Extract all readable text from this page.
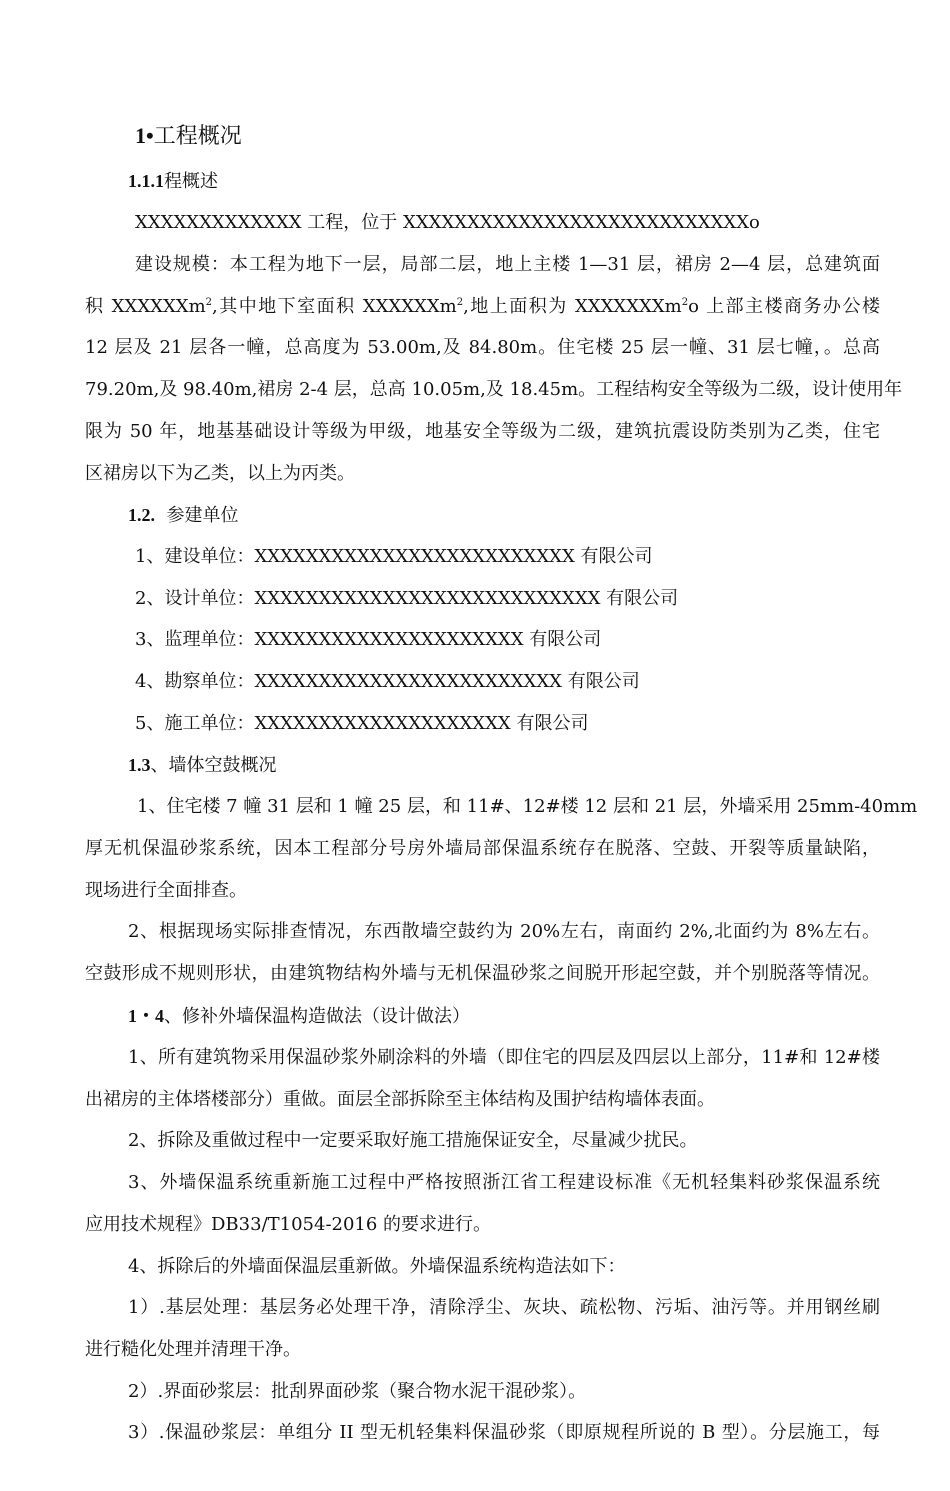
1•工程概况
1.1.1程概述
XXXXXXXXXXXXX 工程，位于 XXXXXXXXXXXXXXXXXXXXXXXXXXXo
建设规模：本工程为地下一层，局部二层，地上主楼 1—31 层，裙房 2—4 层，总建筑面
积 XXXXXXm$^2$,其中地下室面积 XXXXXXm$^2$,地上面积为 XXXXXXXm$^2$o 上部主楼商务办公楼
12 层及 21 层各一幢，总高度为 53.00m,及 84.80m。住宅楼 25 层一幢、31 层七幢，。总高
79.20m,及 98.40m,裙房 2-4 层，总高 10.05m,及 18.45m。工程结构安全等级为二级，设计使用年
限为 50 年，地基基础设计等级为甲级，地基安全等级为二级，建筑抗震设防类别为乙类，住宅
区裙房以下为乙类，以上为丙类。
1.2. 参建单位
1、建设单位：XXXXXXXXXXXXXXXXXXXXXXXXX 有限公司
2、设计单位：XXXXXXXXXXXXXXXXXXXXXXXXXXX 有限公司
3、监理单位：XXXXXXXXXXXXXXXXXXXXX 有限公司
4、勘察单位：XXXXXXXXXXXXXXXXXXXXXXXX 有限公司
5、施工单位：XXXXXXXXXXXXXXXXXXXX 有限公司
1.3、墙体空鼓概况
1、住宅楼 7 幢 31 层和 1 幢 25 层，和 11#、12#楼 12 层和 21 层，外墙采用 25mm-40mm
厚无机保温砂浆系统，因本工程部分号房外墙局部保温系统存在脱落、空鼓、开裂等质量缺陷，
现场进行全面排查。
2、根据现场实际排查情况，东西散墙空鼓约为 20%左右，南面约 2%,北面约为 8%左右。
空鼓形成不规则形状，由建筑物结构外墙与无机保温砂浆之间脱开形起空鼓，并个别脱落等情况。
1・4、修补外墙保温构造做法（设计做法）
1、所有建筑物采用保温砂浆外刷涂料的外墙（即住宅的四层及四层以上部分，11#和 12#楼
出裙房的主体塔楼部分）重做。面层全部拆除至主体结构及围护结构墙体表面。
2、拆除及重做过程中一定要采取好施工措施保证安全，尽量减少扰民。
3、外墙保温系统重新施工过程中严格按照浙江省工程建设标准《无机轻集料砂浆保温系统
应用技术规程》DB33/T1054-2016 的要求进行。
4、拆除后的外墙面保温层重新做。外墙保温系统构造法如下：
1）.基层处理：基层务必处理干净，清除浮尘、灰块、疏松物、污垢、油污等。并用钢丝刷
进行糙化处理并清理干净。
2）.界面砂浆层：批刮界面砂浆（聚合物水泥干混砂浆）。
3）.保温砂浆层：单组分 II 型无机轻集料保温砂浆（即原规程所说的 B 型）。分层施工，每
